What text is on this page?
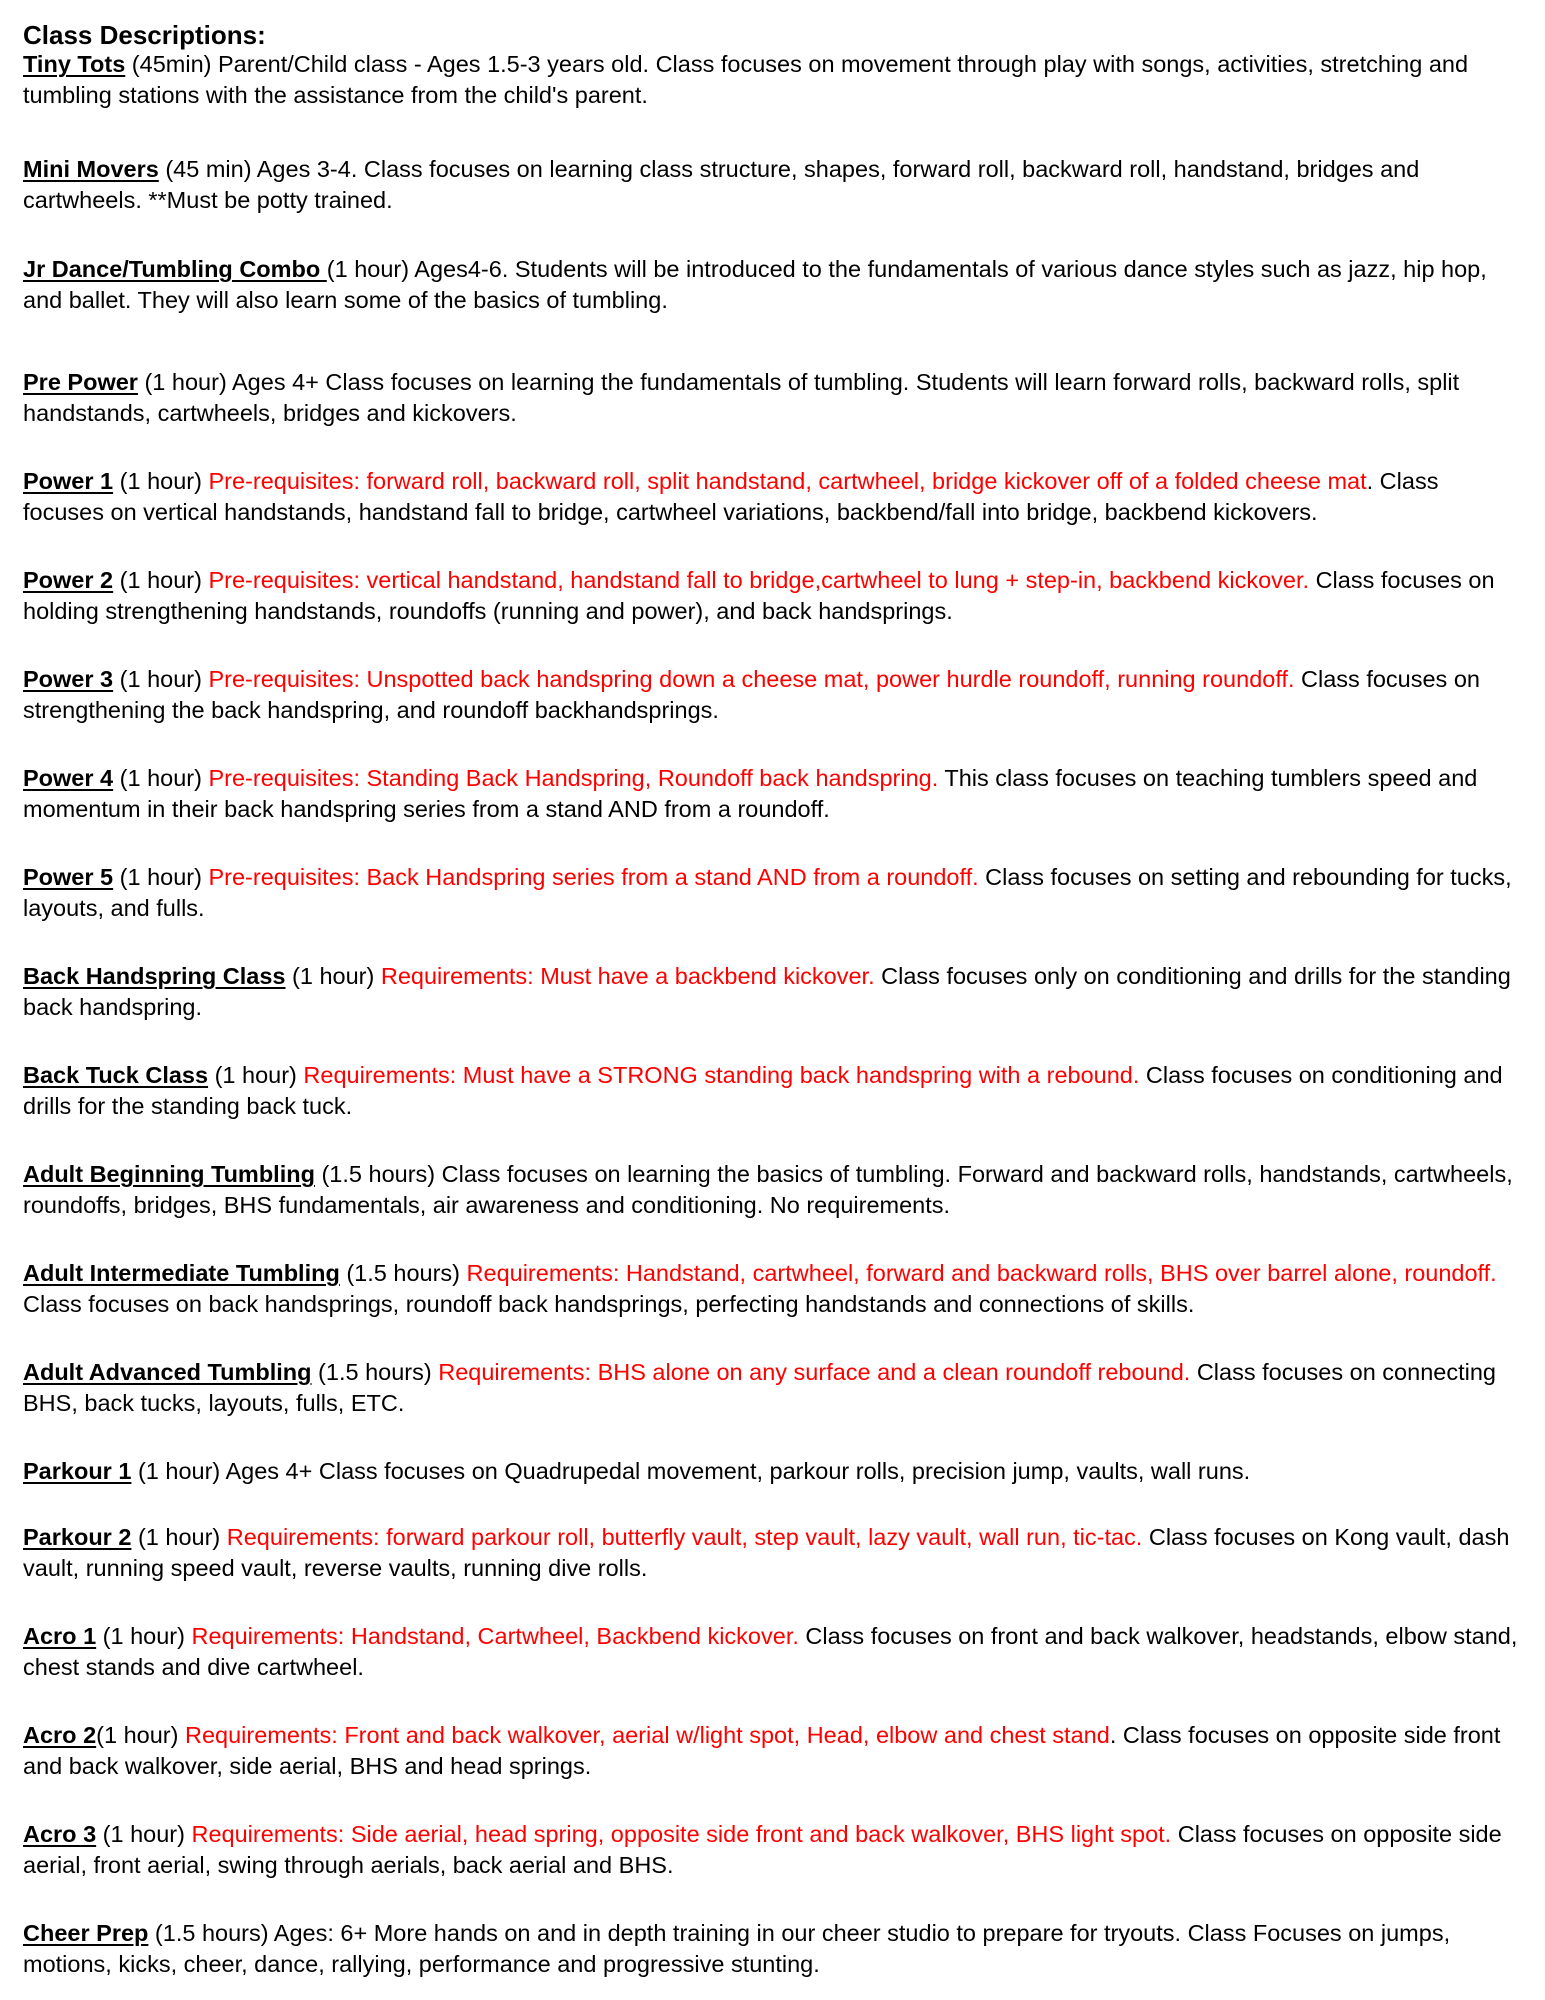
Class Descriptions:
Tiny Tots (45min) Parent/Child class - Ages 1.5-3 years old. Class focuses on movement through play with songs, activities, stretching and tumbling stations with the assistance from the child's parent.
Mini Movers (45 min) Ages 3-4. Class focuses on learning class structure, shapes, forward roll, backward roll, handstand, bridges and cartwheels. **Must be potty trained.
Jr Dance/Tumbling Combo (1 hour) Ages4-6. Students will be introduced to the fundamentals of various dance styles such as jazz, hip hop, and ballet. They will also learn some of the basics of tumbling.
Pre Power (1 hour) Ages 4+ Class focuses on learning the fundamentals of tumbling. Students will learn forward rolls, backward rolls, split handstands, cartwheels, bridges and kickovers.
Power 1 (1 hour) Pre-requisites: forward roll, backward roll, split handstand, cartwheel, bridge kickover off of a folded cheese mat. Class focuses on vertical handstands, handstand fall to bridge, cartwheel variations, backbend/fall into bridge, backbend kickovers.
Power 2 (1 hour) Pre-requisites: vertical handstand, handstand fall to bridge,cartwheel to lung + step-in, backbend kickover. Class focuses on holding strengthening handstands, roundoffs (running and power), and back handsprings.
Power 3 (1 hour) Pre-requisites: Unspotted back handspring down a cheese mat, power hurdle roundoff, running roundoff. Class focuses on strengthening the back handspring, and roundoff backhandsprings.
Power 4 (1 hour) Pre-requisites: Standing Back Handspring, Roundoff back handspring. This class focuses on teaching tumblers speed and momentum in their back handspring series from a stand AND from a roundoff.
Power 5 (1 hour) Pre-requisites: Back Handspring series from a stand AND from a roundoff. Class focuses on setting and rebounding for tucks, layouts, and fulls.
Back Handspring Class (1 hour) Requirements: Must have a backbend kickover. Class focuses only on conditioning and drills for the standing back handspring.
Back Tuck Class (1 hour) Requirements: Must have a STRONG standing back handspring with a rebound. Class focuses on conditioning and drills for the standing back tuck.
Adult Beginning Tumbling (1.5 hours) Class focuses on learning the basics of tumbling. Forward and backward rolls, handstands, cartwheels, roundoffs, bridges, BHS fundamentals, air awareness and conditioning. No requirements.
Adult Intermediate Tumbling (1.5 hours) Requirements: Handstand, cartwheel, forward and backward rolls, BHS over barrel alone, roundoff. Class focuses on back handsprings, roundoff back handsprings, perfecting handstands and connections of skills.
Adult Advanced Tumbling (1.5 hours) Requirements: BHS alone on any surface and a clean roundoff rebound. Class focuses on connecting BHS, back tucks, layouts, fulls, ETC.
Parkour 1 (1 hour) Ages 4+ Class focuses on Quadrupedal movement, parkour rolls, precision jump, vaults, wall runs.
Parkour 2 (1 hour) Requirements: forward parkour roll, butterfly vault, step vault, lazy vault, wall run, tic-tac. Class focuses on Kong vault, dash vault, running speed vault, reverse vaults, running dive rolls.
Acro 1 (1 hour) Requirements: Handstand, Cartwheel, Backbend kickover. Class focuses on front and back walkover, headstands, elbow stand, chest stands and dive cartwheel.
Acro 2(1 hour) Requirements: Front and back walkover, aerial w/light spot, Head, elbow and chest stand. Class focuses on opposite side front and back walkover, side aerial, BHS and head springs.
Acro 3 (1 hour) Requirements: Side aerial, head spring, opposite side front and back walkover, BHS light spot. Class focuses on opposite side aerial, front aerial, swing through aerials, back aerial and BHS.
Cheer Prep (1.5 hours) Ages: 6+ More hands on and in depth training in our cheer studio to prepare for tryouts. Class Focuses on jumps, motions, kicks, cheer, dance, rallying, performance and progressive stunting.
